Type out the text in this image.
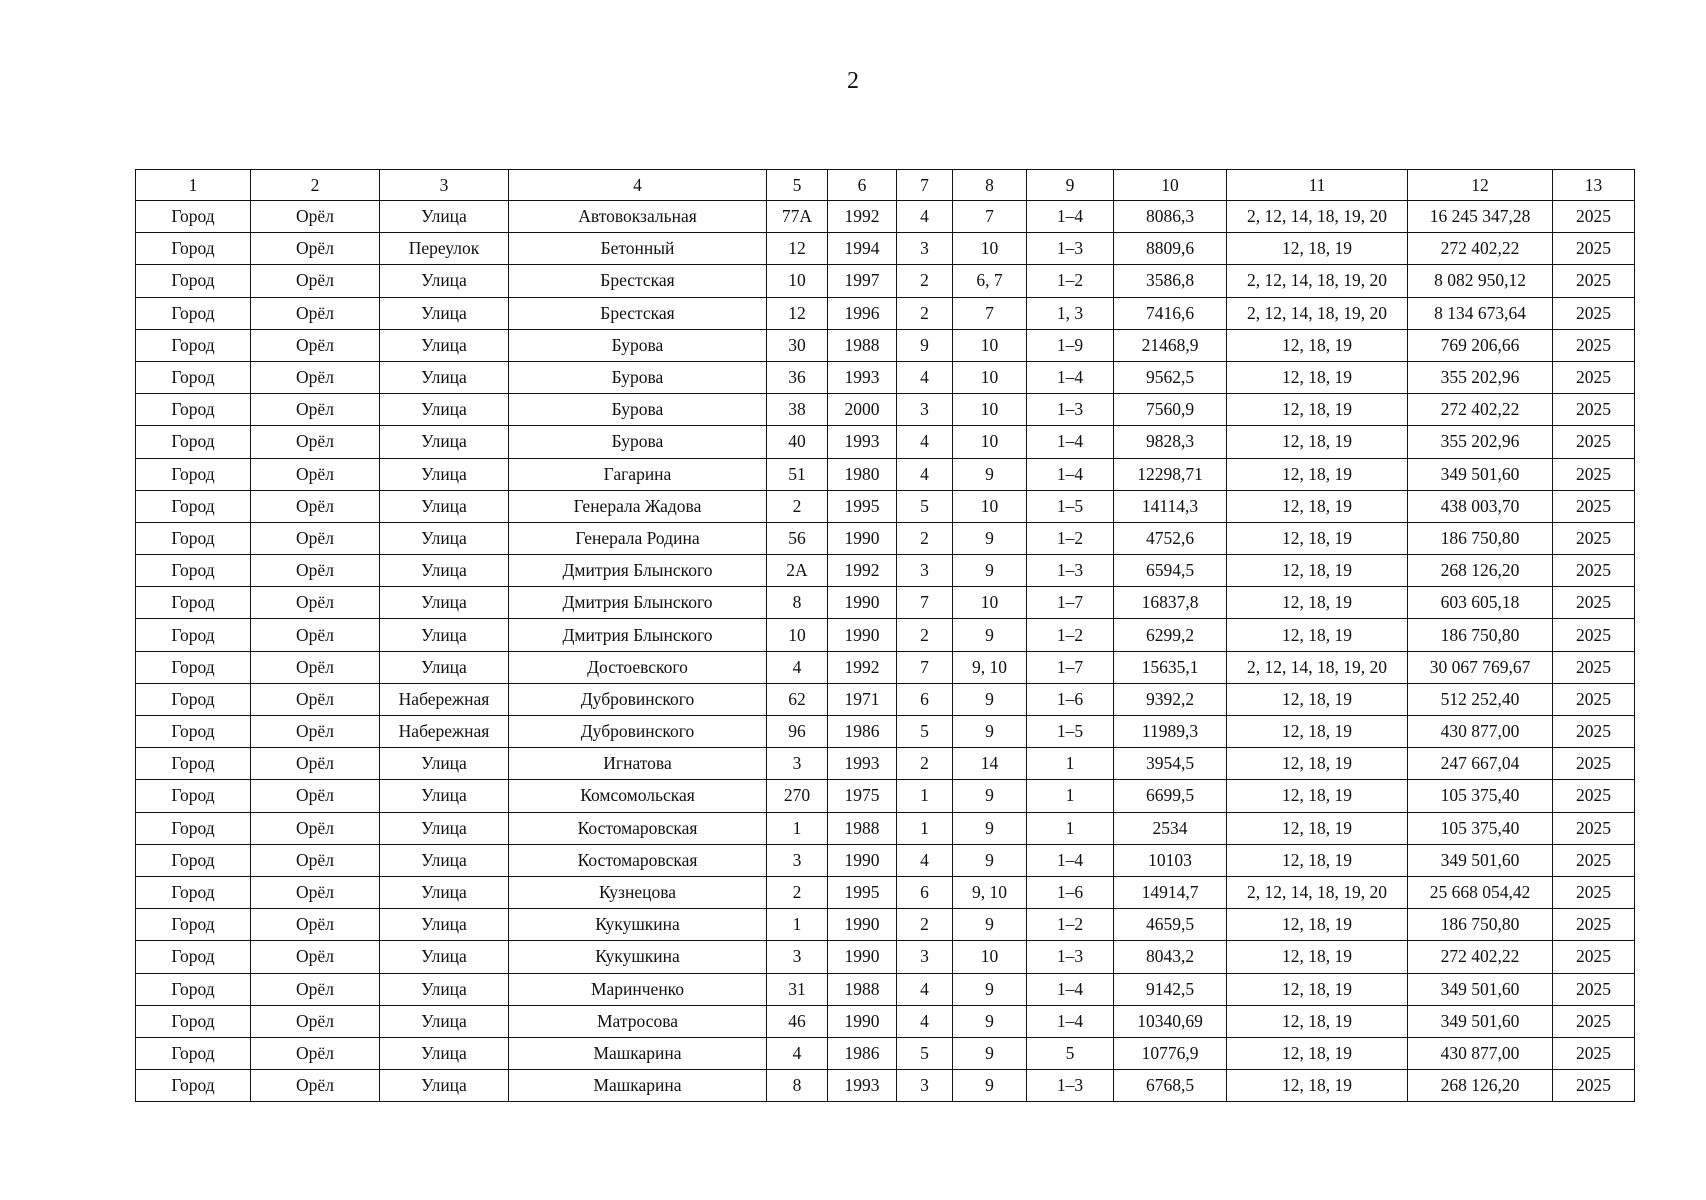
2
1	2	3	4	5	6	7	8	9	10	11	12	13
Город	Орёл	Улица	Автовокзальная	77А	1992	4	7	1–4	8086,3	2, 12, 14, 18, 19, 20	16 245 347,28	2025
Город	Орёл	Переулок	Бетонный	12	1994	3	10	1–3	8809,6	12, 18, 19	272 402,22	2025
Город	Орёл	Улица	Брестская	10	1997	2	6, 7	1–2	3586,8	2, 12, 14, 18, 19, 20	8 082 950,12	2025
Город	Орёл	Улица	Брестская	12	1996	2	7	1, 3	7416,6	2, 12, 14, 18, 19, 20	8 134 673,64	2025
Город	Орёл	Улица	Бурова	30	1988	9	10	1–9	21468,9	12, 18, 19	769 206,66	2025
Город	Орёл	Улица	Бурова	36	1993	4	10	1–4	9562,5	12, 18, 19	355 202,96	2025
Город	Орёл	Улица	Бурова	38	2000	3	10	1–3	7560,9	12, 18, 19	272 402,22	2025
Город	Орёл	Улица	Бурова	40	1993	4	10	1–4	9828,3	12, 18, 19	355 202,96	2025
Город	Орёл	Улица	Гагарина	51	1980	4	9	1–4	12298,71	12, 18, 19	349 501,60	2025
Город	Орёл	Улица	Генерала Жадова	2	1995	5	10	1–5	14114,3	12, 18, 19	438 003,70	2025
Город	Орёл	Улица	Генерала Родина	56	1990	2	9	1–2	4752,6	12, 18, 19	186 750,80	2025
Город	Орёл	Улица	Дмитрия Блынского	2А	1992	3	9	1–3	6594,5	12, 18, 19	268 126,20	2025
Город	Орёл	Улица	Дмитрия Блынского	8	1990	7	10	1–7	16837,8	12, 18, 19	603 605,18	2025
Город	Орёл	Улица	Дмитрия Блынского	10	1990	2	9	1–2	6299,2	12, 18, 19	186 750,80	2025
Город	Орёл	Улица	Достоевского	4	1992	7	9, 10	1–7	15635,1	2, 12, 14, 18, 19, 20	30 067 769,67	2025
Город	Орёл	Набережная	Дубровинского	62	1971	6	9	1–6	9392,2	12, 18, 19	512 252,40	2025
Город	Орёл	Набережная	Дубровинского	96	1986	5	9	1–5	11989,3	12, 18, 19	430 877,00	2025
Город	Орёл	Улица	Игнатова	3	1993	2	14	1	3954,5	12, 18, 19	247 667,04	2025
Город	Орёл	Улица	Комсомольская	270	1975	1	9	1	6699,5	12, 18, 19	105 375,40	2025
Город	Орёл	Улица	Костомаровская	1	1988	1	9	1	2534	12, 18, 19	105 375,40	2025
Город	Орёл	Улица	Костомаровская	3	1990	4	9	1–4	10103	12, 18, 19	349 501,60	2025
Город	Орёл	Улица	Кузнецова	2	1995	6	9, 10	1–6	14914,7	2, 12, 14, 18, 19, 20	25 668 054,42	2025
Город	Орёл	Улица	Кукушкина	1	1990	2	9	1–2	4659,5	12, 18, 19	186 750,80	2025
Город	Орёл	Улица	Кукушкина	3	1990	3	10	1–3	8043,2	12, 18, 19	272 402,22	2025
Город	Орёл	Улица	Маринченко	31	1988	4	9	1–4	9142,5	12, 18, 19	349 501,60	2025
Город	Орёл	Улица	Матросова	46	1990	4	9	1–4	10340,69	12, 18, 19	349 501,60	2025
Город	Орёл	Улица	Машкарина	4	1986	5	9	5	10776,9	12, 18, 19	430 877,00	2025
Город	Орёл	Улица	Машкарина	8	1993	3	9	1–3	6768,5	12, 18, 19	268 126,20	2025
